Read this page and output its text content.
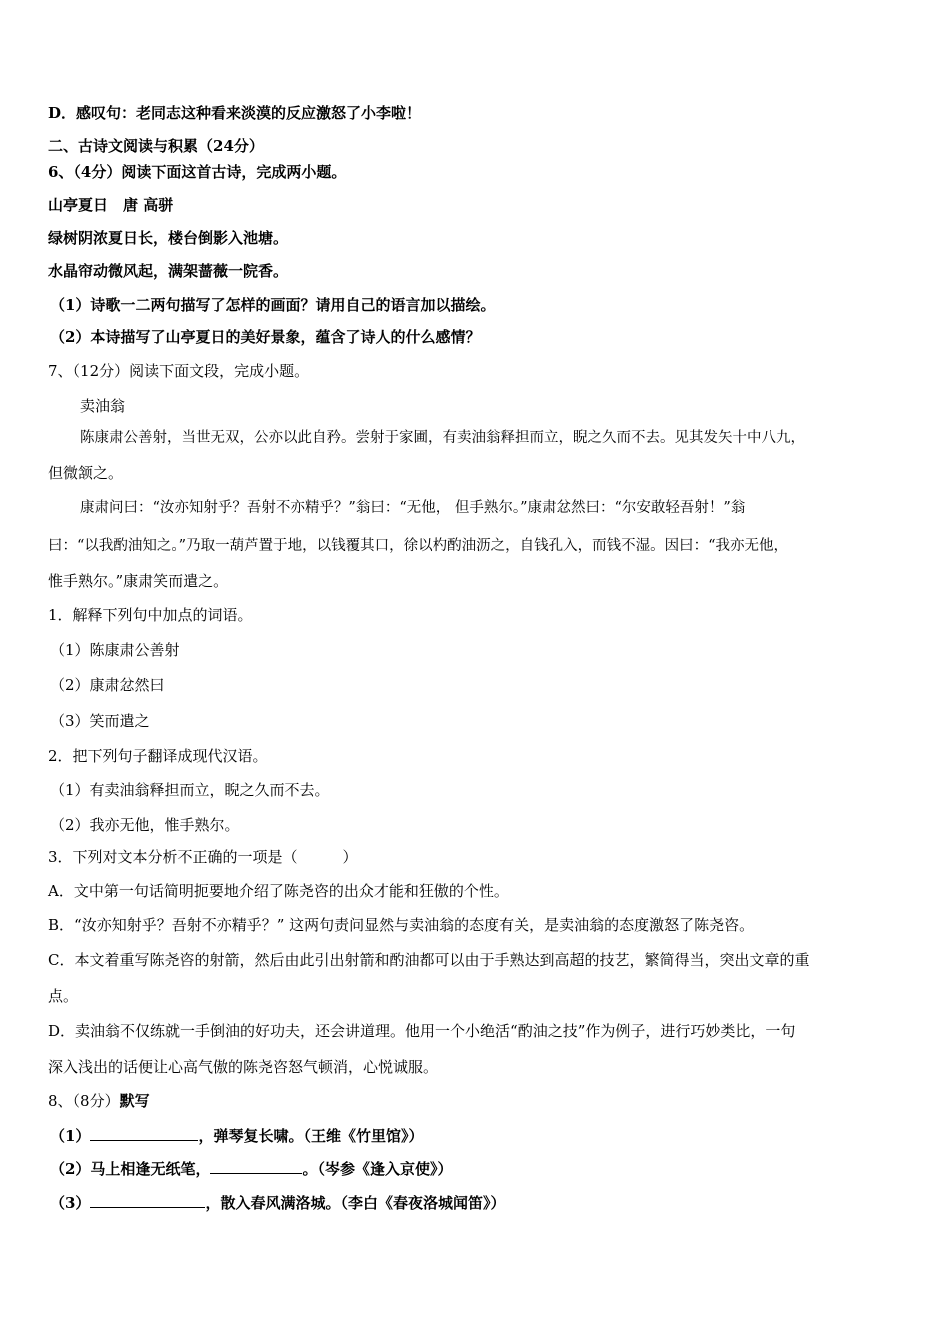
D．感叹句：老同志这种看来淡漠的反应激怒了小李啦！
二、古诗文阅读与积累（24分）
6、（4分）阅读下面这首古诗，完成两小题。
山亭夏日　唐 高骈
绿树阴浓夏日长，楼台倒影入池塘。
水晶帘动微风起，满架蔷薇一院香。
（1）诗歌一二两句描写了怎样的画面？请用自己的语言加以描绘。
（2）本诗描写了山亭夏日的美好景象，蕴含了诗人的什么感情？
7、（12分）阅读下面文段，完成小题。
卖油翁
陈康肃公善射，当世无双，公亦以此自矜。尝射于家圃，有卖油翁释担而立，睨之久而不去。见其发矢十中八九，
但微颔之。
康肃问曰：“汝亦知射乎？吾射不亦精乎？”翁曰：“无他， 但手熟尔。”康肃忿然曰：“尔安敢轻吾射！”翁
曰：“以我酌油知之。”乃取一葫芦置于地，以钱覆其口，徐以杓酌油沥之，自钱孔入，而钱不湿。因曰：“我亦无他，
惟手熟尔。”康肃笑而遣之。
1．解释下列句中加点的词语。
（1）陈康肃公善射
（2）康肃忿然曰
（3）笑而遣之
2．把下列句子翻译成现代汉语。
（1）有卖油翁释担而立，睨之久而不去。
（2）我亦无他，惟手熟尔。
3．下列对文本分析不正确的一项是（　　　）
A．文中第一句话简明扼要地介绍了陈尧咨的出众才能和狂傲的个性。
B．“汝亦知射乎？吾射不亦精乎？” 这两句责问显然与卖油翁的态度有关，是卖油翁的态度激怒了陈尧咨。
C．本文着重写陈尧咨的射箭，然后由此引出射箭和酌油都可以由于手熟达到高超的技艺，繁简得当，突出文章的重
点。
D．卖油翁不仅练就一手倒油的好功夫，还会讲道理。他用一个小绝活“酌油之技”作为例子，进行巧妙类比，一句
深入浅出的话便让心高气傲的陈尧咨怒气顿消，心悦诚服。
8、（8分）默写
（1）	，弹琴复长啸。（王维《竹里馆》）
（2）马上相逢无纸笔，	。（岑参《逢入京使》）
（3）	，散入春风满洛城。（李白《春夜洛城闻笛》）
